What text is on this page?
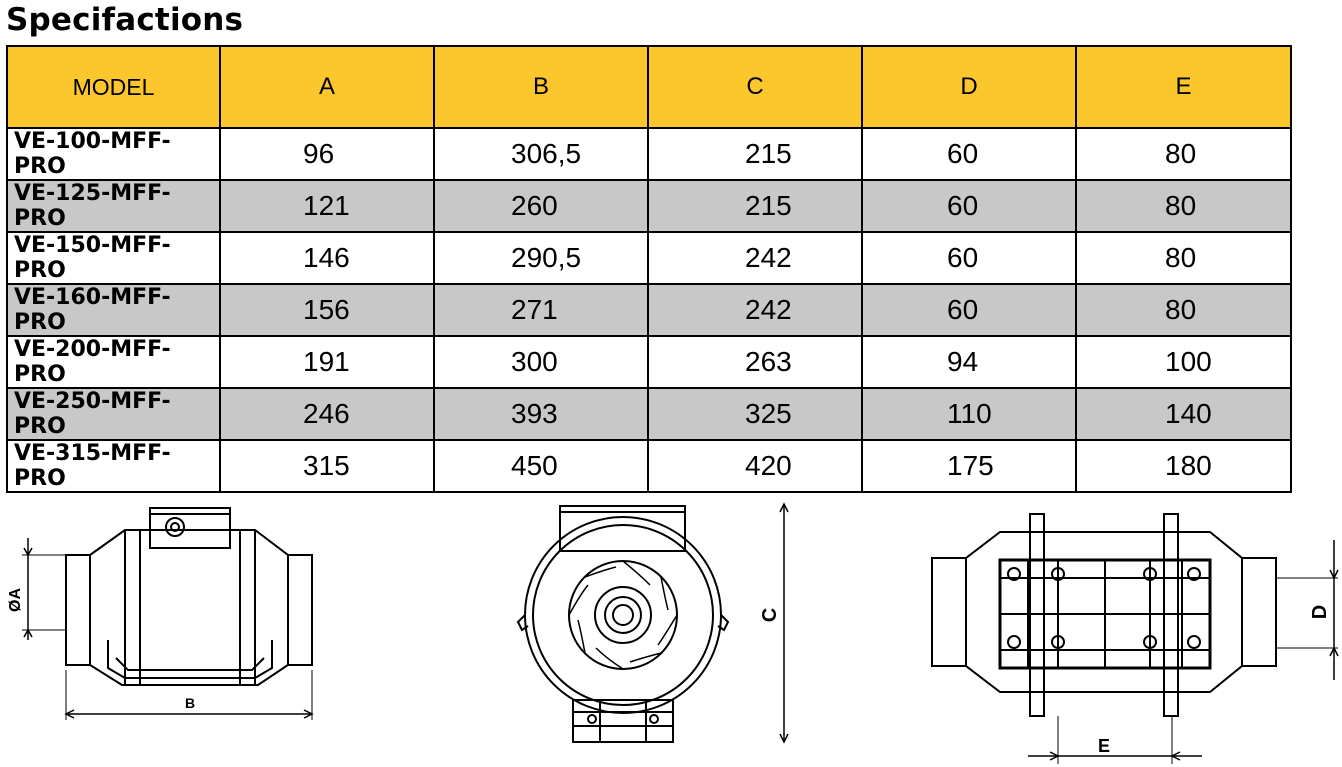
Specifactions
MODEL	A	B	C	D	E
VE-100-MFF-PRO	96	306,5	215	60	80
VE-125-MFF-PRO	121	260	215	60	80
VE-150-MFF-PRO	146	290,5	242	60	80
VE-160-MFF-PRO	156	271	242	60	80
VE-200-MFF-PRO	191	300	263	94	100
VE-250-MFF-PRO	246	393	325	110	140
VE-315-MFF-PRO	315	450	420	175	180
ØA
B
C	D
E
